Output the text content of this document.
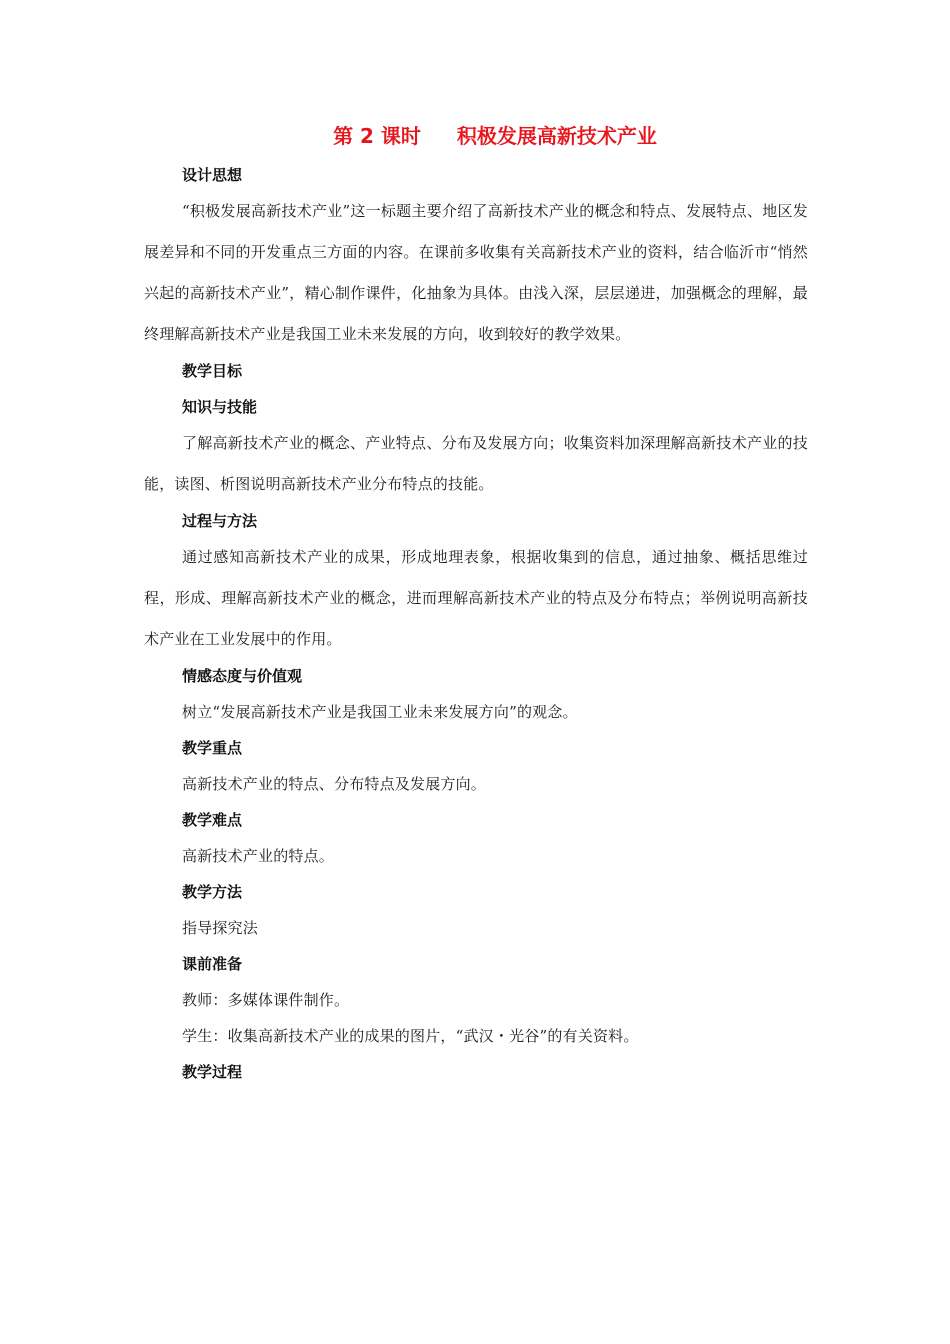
第 2 课时 积极发展高新技术产业
设计思想

“积极发展高新技术产业”这一标题主要介绍了高新技术产业的概念和特点、发展特点、地区发展差异和不同的开发重点三方面的内容。在课前多收集有关高新技术产业的资料，结合临沂市“悄然兴起的高新技术产业”，精心制作课件，化抽象为具体。由浅入深，层层递进，加强概念的理解，最终理解高新技术产业是我国工业未来发展的方向，收到较好的教学效果。

教学目标
知识与技能

了解高新技术产业的概念、产业特点、分布及发展方向；收集资料加深理解高新技术产业的技能，读图、析图说明高新技术产业分布特点的技能。

过程与方法

通过感知高新技术产业的成果，形成地理表象，根据收集到的信息，通过抽象、概括思维过程，形成、理解高新技术产业的概念，进而理解高新技术产业的特点及分布特点；举例说明高新技术产业在工业发展中的作用。

情感态度与价值观
树立“发展高新技术产业是我国工业未来发展方向”的观念。
教学重点
高新技术产业的特点、分布特点及发展方向。
教学难点
高新技术产业的特点。
教学方法
指导探究法
课前准备
教师：多媒体课件制作。
学生：收集高新技术产业的成果的图片，“武汉・光谷”的有关资料。
教学过程
